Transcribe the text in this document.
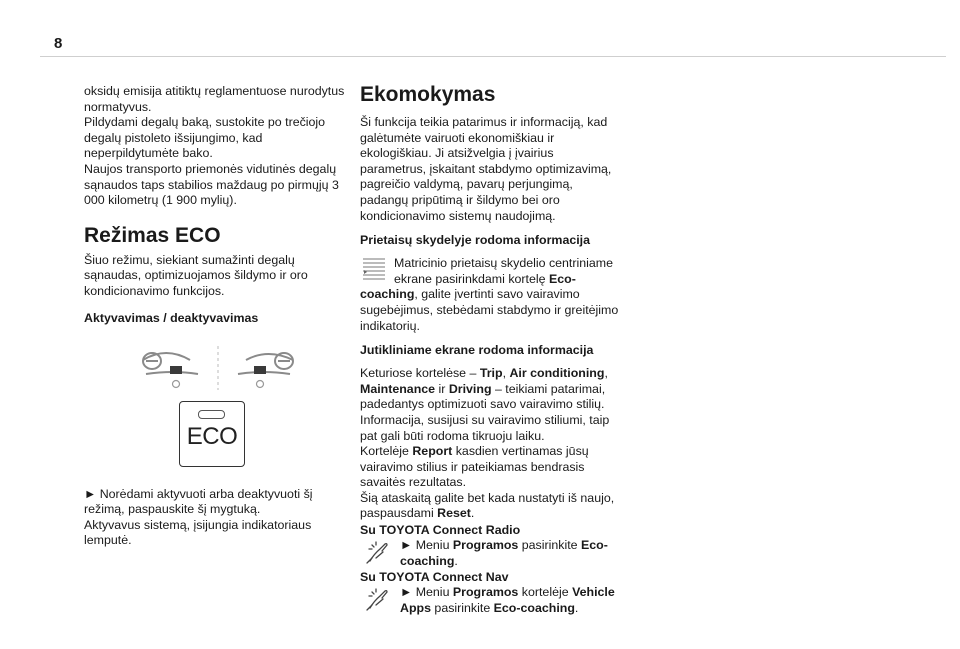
8

oksidų emisija atitiktų reglamentuose nurodytus normatyvus.

Pildydami degalų baką, sustokite po trečiojo degalų pistoleto išsijungimo, kad neperpildytumėte bako.

Naujos transporto priemonės vidutinės degalų sąnaudos taps stabilios maždaug po pirmųjų 3 000 kilometrų (1 900 mylių).

Režimas ECO

Šiuo režimu, siekiant sumažinti degalų sąnaudas, optimizuojamos šildymo ir oro kondicionavimo funkcijos.

Aktyvavimas / deaktyvavimas
ECO

► Norėdami aktyvuoti arba deaktyvuoti šį režimą, paspauskite šį mygtuką.

Aktyvavus sistemą, įsijungia indikatoriaus lemputė.

Ekomokymas

Ši funkcija teikia patarimus ir informaciją, kad galėtumėte vairuoti ekonomiškiau ir ekologiškiau. Ji atsižvelgia į įvairius parametrus, įskaitant stabdymo optimizavimą, pagreičio valdymą, pavarų perjungimą, padangų pripūtimą ir šildymo bei oro kondicionavimo sistemų naudojimą.

Prietaisų skydelyje rodoma informacija
Matricinio prietaisų skydelio centriniame ekrane pasirinkdami kortelę Eco-coaching, galite įvertinti savo vairavimo sugebėjimus, stebėdami stabdymo ir greitėjimo indikatorių.
Jutikliniame ekrane rodoma informacija

Keturiose kortelėse – Trip, Air conditioning, Maintenance ir Driving – teikiami patarimai, padedantys optimizuoti savo vairavimo stilių.

Informacija, susijusi su vairavimo stiliumi, taip pat gali būti rodoma tikruoju laiku.

Kortelėje Report kasdien vertinamas jūsų vairavimo stilius ir pateikiamas bendrasis savaitės rezultatas.

Šią ataskaitą galite bet kada nustatyti iš naujo, paspausdami Reset.

Su TOYOTA Connect Radio
► Meniu Programos pasirinkite Eco-coaching.
Su TOYOTA Connect Nav
► Meniu Programos kortelėje Vehicle Apps pasirinkite Eco-coaching.
